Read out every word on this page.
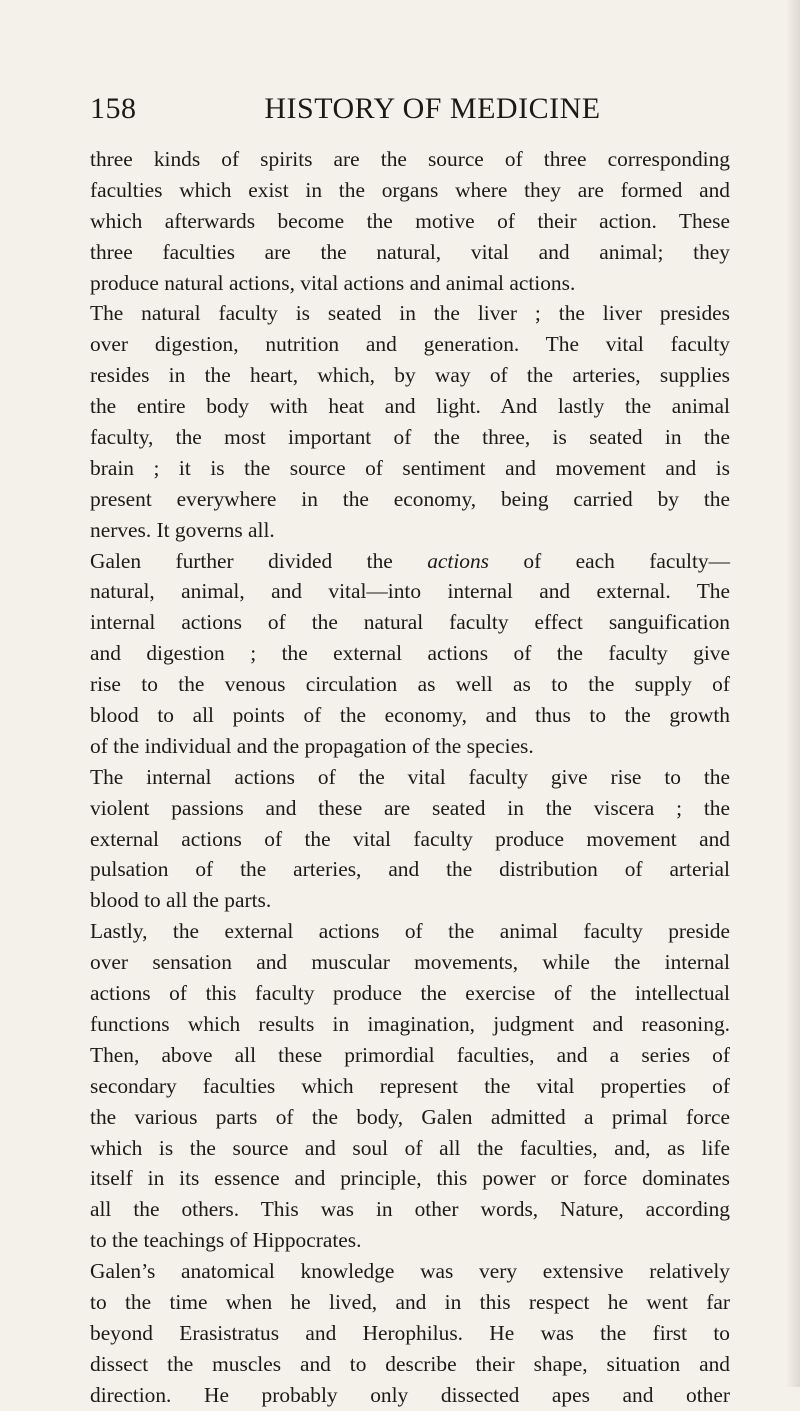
158	HISTORY OF MEDICINE
three kinds of spirits are the source of three corresponding
faculties which exist in the organs where they are formed and
which afterwards become the motive of their action. These
three faculties are the natural, vital and animal; they
produce natural actions, vital actions and animal actions.
The natural faculty is seated in the liver ; the liver presides
over digestion, nutrition and generation. The vital faculty
resides in the heart, which, by way of the arteries, supplies
the entire body with heat and light. And lastly the animal
faculty, the most important of the three, is seated in the
brain ; it is the source of sentiment and movement and is
present everywhere in the economy, being carried by the
nerves. It governs all.
Galen further divided the actions of each faculty—
natural, animal, and vital—into internal and external. The
internal actions of the natural faculty effect sanguification
and digestion ; the external actions of the faculty give
rise to the venous circulation as well as to the supply of
blood to all points of the economy, and thus to the growth
of the individual and the propagation of the species.
The internal actions of the vital faculty give rise to the
violent passions and these are seated in the viscera ; the
external actions of the vital faculty produce movement and
pulsation of the arteries, and the distribution of arterial
blood to all the parts.
Lastly, the external actions of the animal faculty preside
over sensation and muscular movements, while the internal
actions of this faculty produce the exercise of the intellectual
functions which results in imagination, judgment and reasoning.
Then, above all these primordial faculties, and a series of
secondary faculties which represent the vital properties of
the various parts of the body, Galen admitted a primal force
which is the source and soul of all the faculties, and, as life
itself in its essence and principle, this power or force dominates
all the others. This was in other words, Nature, according
to the teachings of Hippocrates.
Galen’s anatomical knowledge was very extensive relatively
to the time when he lived, and in this respect he went far
beyond Erasistratus and Herophilus. He was the first to
dissect the muscles and to describe their shape, situation and
direction. He probably only dissected apes and other
